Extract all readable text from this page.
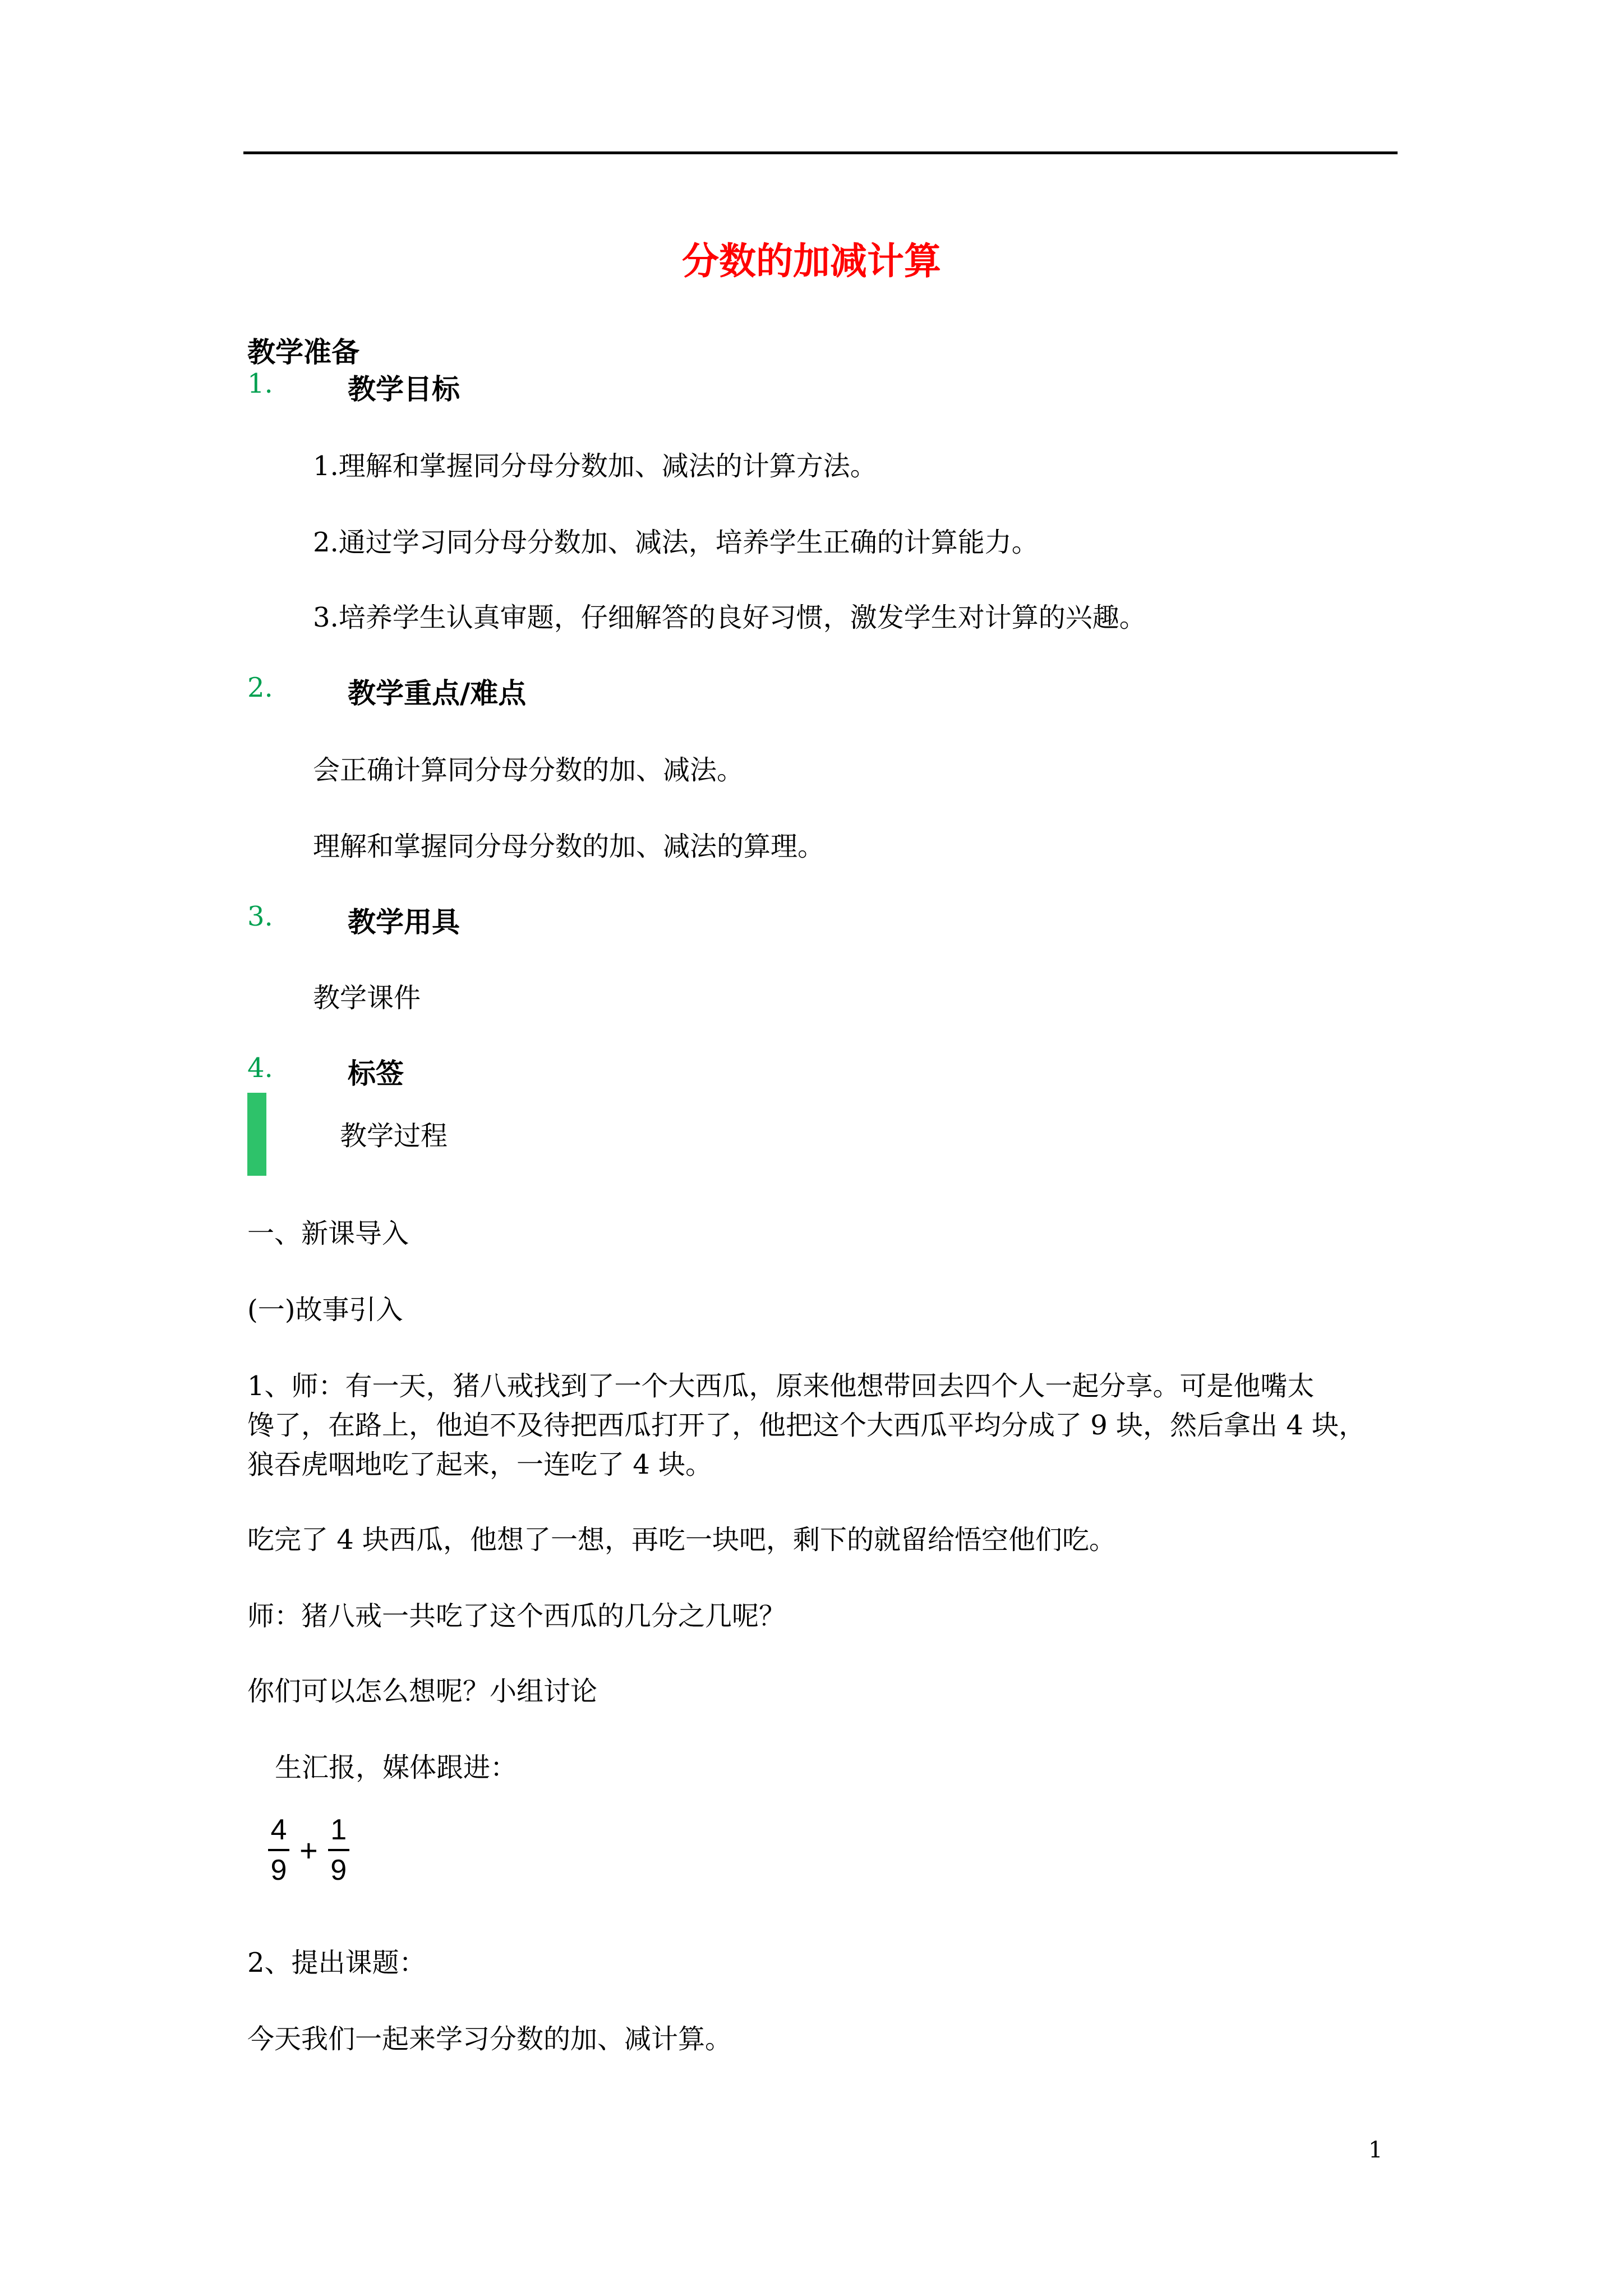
分数的加减计算
教学准备
1.	教学目标
1.理解和掌握同分母分数加、减法的计算方法。
2.通过学习同分母分数加、减法，培养学生正确的计算能力。
3.培养学生认真审题，仔细解答的良好习惯，激发学生对计算的兴趣。
2.	教学重点/难点
会正确计算同分母分数的加、减法。
理解和掌握同分母分数的加、减法的算理。
3.	教学用具
教学课件
4.	标签
教学过程
一、新课导入
(一)故事引入
1、师：有一天，猪八戒找到了一个大西瓜，原来他想带回去四个人一起分享。可是他嘴太
馋了，在路上，他迫不及待把西瓜打开了，他把这个大西瓜平均分成了 9 块，然后拿出 4 块，
狼吞虎咽地吃了起来，一连吃了 4 块。
吃完了 4 块西瓜，他想了一想，再吃一块吧，剩下的就留给悟空他们吃。
师：猪八戒一共吃了这个西瓜的几分之几呢？
你们可以怎么想呢？小组讨论
生汇报，媒体跟进：
4
9
+
1
9
2、提出课题：
今天我们一起来学习分数的加、减计算。
1
